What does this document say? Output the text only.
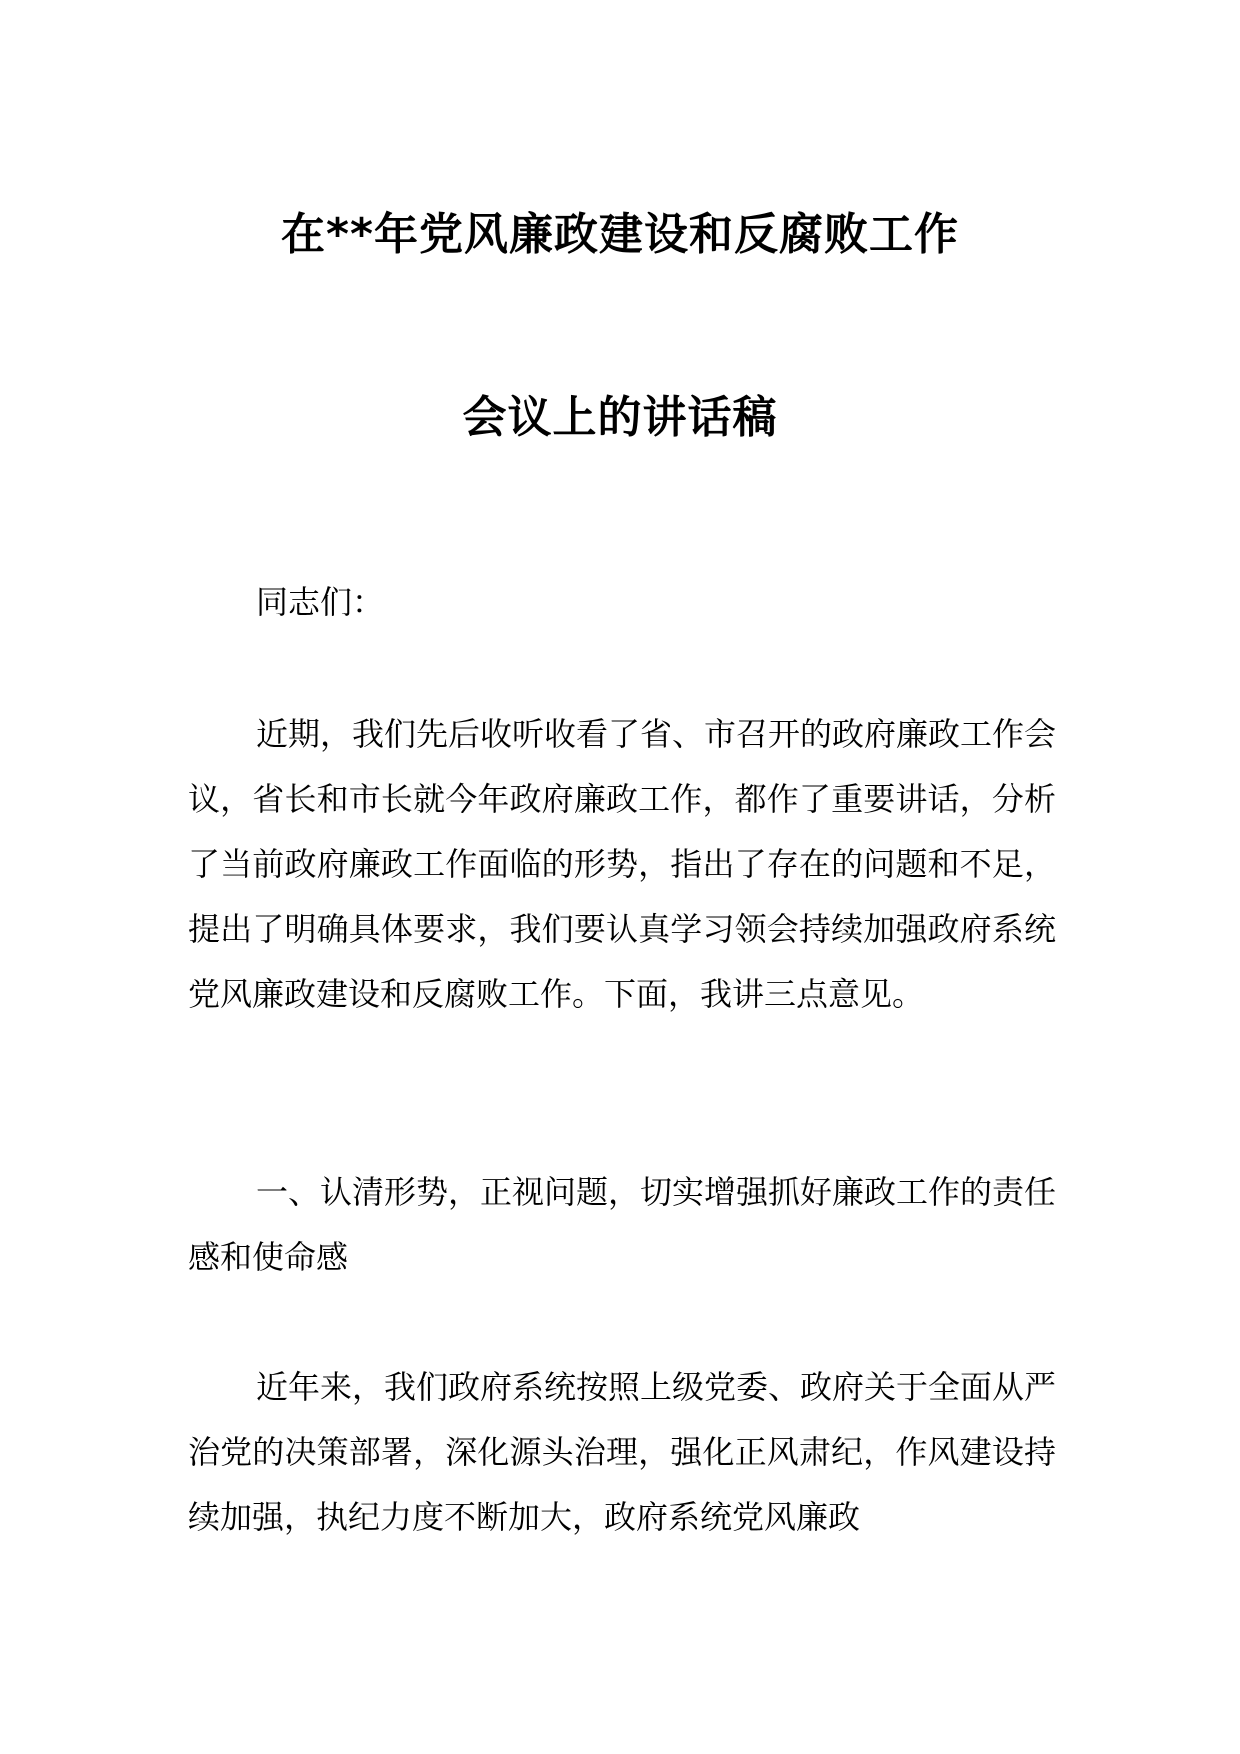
在**年党风廉政建设和反腐败工作
会议上的讲话稿

同志们：

近期，我们先后收听收看了省、市召开的政府廉政工作会议，省长和市长就今年政府廉政工作，都作了重要讲话，分析了当前政府廉政工作面临的形势，指出了存在的问题和不足，提出了明确具体要求，我们要认真学习领会持续加强政府系统党风廉政建设和反腐败工作。下面，我讲三点意见。

一、认清形势，正视问题，切实增强抓好廉政工作的责任感和使命感

近年来，我们政府系统按照上级党委、政府关于全面从严治党的决策部署，深化源头治理，强化正风肃纪，作风建设持续加强，执纪力度不断加大，政府系统党风廉政
